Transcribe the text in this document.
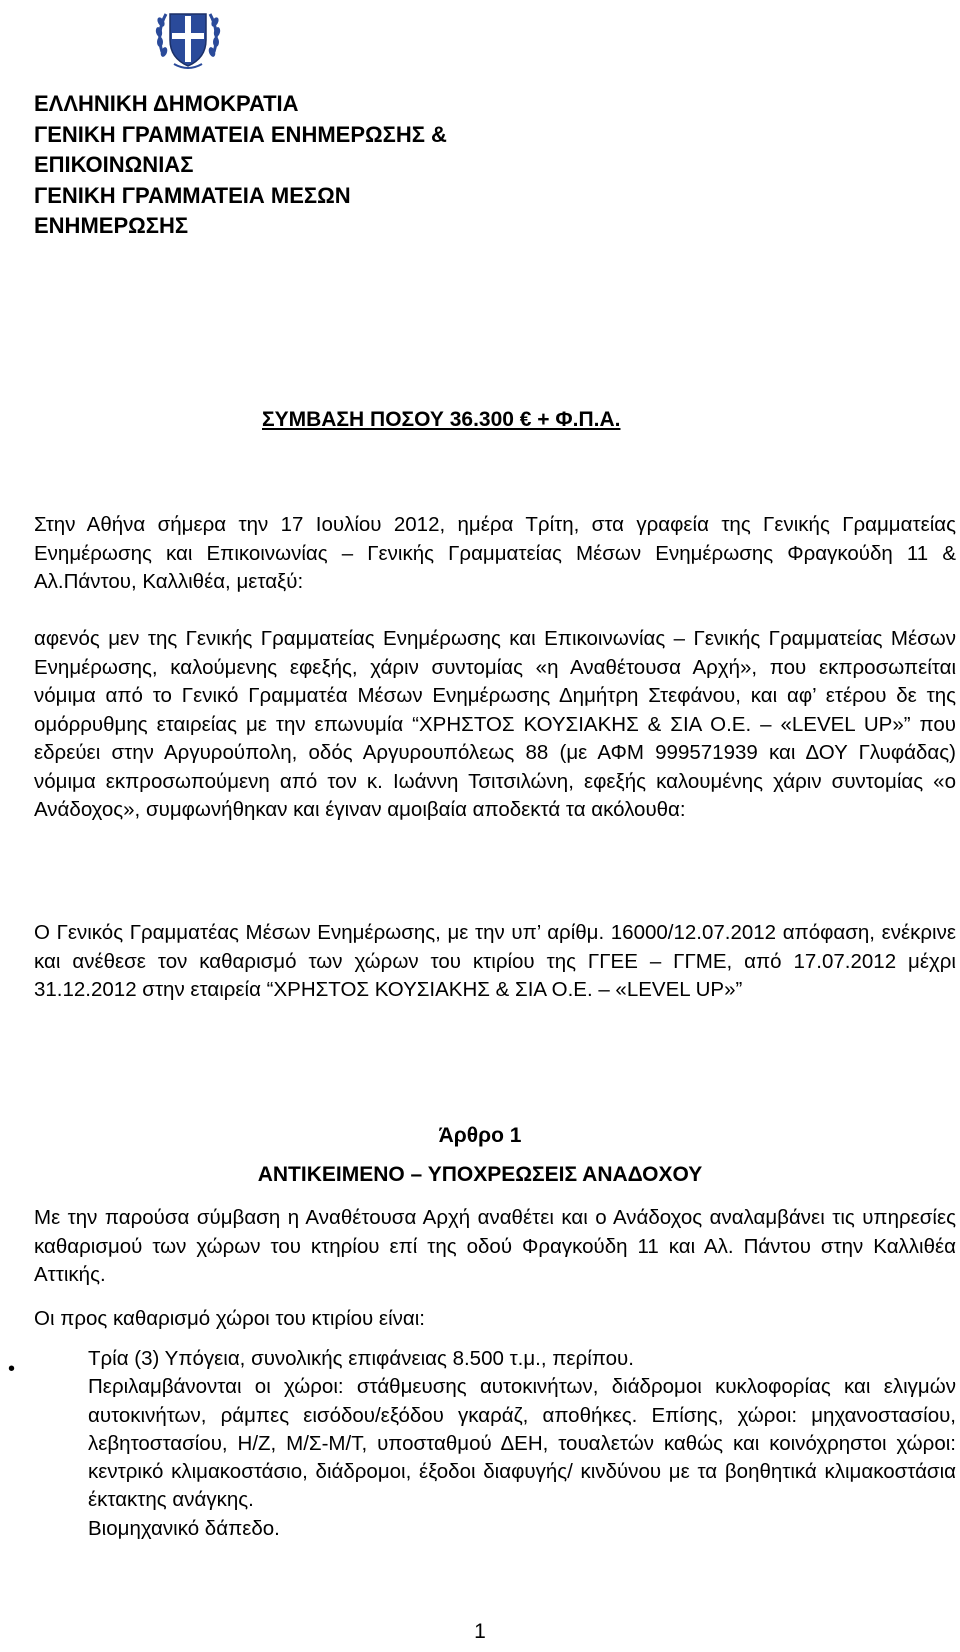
ΕΛΛΗΝΙΚΗ ΔΗΜΟΚΡΑΤΙΑ
ΓΕΝΙΚΗ ΓΡΑΜΜΑΤΕΙΑ ΕΝΗΜΕΡΩΣΗΣ &
ΕΠΙΚΟΙΝΩΝΙΑΣ
ΓΕΝΙΚΗ ΓΡΑΜΜΑΤΕΙΑ ΜΕΣΩΝ
ΕΝΗΜΕΡΩΣΗΣ
ΣΥΜΒΑΣΗ ΠΟΣΟΥ 36.300 € + Φ.Π.Α.
Στην Αθήνα σήμερα την 17 Ιουλίου 2012, ημέρα Τρίτη, στα γραφεία της Γενικής Γραμματείας Ενημέρωσης και Επικοινωνίας – Γενικής Γραμματείας Μέσων Ενημέρωσης Φραγκούδη 11 & Αλ.Πάντου, Καλλιθέα, μεταξύ:
αφενός μεν της Γενικής Γραμματείας Ενημέρωσης και Επικοινωνίας – Γενικής Γραμματείας Μέσων Ενημέρωσης, καλούμενης εφεξής, χάριν συντομίας «η Αναθέτουσα Αρχή», που εκπροσωπείται νόμιμα από το Γενικό Γραμματέα Μέσων Ενημέρωσης Δημήτρη Στεφάνου, και αφ’ ετέρου δε της ομόρρυθμης εταιρείας με την επωνυμία “ΧΡΗΣΤΟΣ ΚΟΥΣΙΑΚΗΣ & ΣΙΑ Ο.Ε. – «LEVEL UP»” που εδρεύει στην Αργυρούπολη, οδός Αργυρουπόλεως 88 (με ΑΦΜ 999571939 και ΔΟΥ Γλυφάδας) νόμιμα εκπροσωπούμενη από τον κ. Ιωάννη Τσιτσιλώνη, εφεξής καλουμένης χάριν συντομίας «ο Ανάδοχος», συμφωνήθηκαν και έγιναν αμοιβαία αποδεκτά τα ακόλουθα:
Ο Γενικός Γραμματέας Μέσων Ενημέρωσης, με την υπ’ αρίθμ. 16000/12.07.2012 απόφαση, ενέκρινε και ανέθεσε τον καθαρισμό των χώρων του κτιρίου της ΓΓΕΕ – ΓΓΜΕ, από 17.07.2012 μέχρι 31.12.2012 στην εταιρεία “ΧΡΗΣΤΟΣ ΚΟΥΣΙΑΚΗΣ & ΣΙΑ Ο.Ε. – «LEVEL UP»”
Άρθρο 1
ΑΝΤΙΚΕΙΜΕΝΟ – ΥΠΟΧΡΕΩΣΕΙΣ ΑΝΑΔΟΧΟΥ
Με την παρούσα σύμβαση η Αναθέτουσα Αρχή αναθέτει και ο Ανάδοχος αναλαμβάνει τις υπηρεσίες καθαρισμού των χώρων του κτηρίου επί της οδού Φραγκούδη 11 και Αλ. Πάντου στην Καλλιθέα Αττικής.
Οι προς καθαρισμό χώροι του κτιρίου είναι:
•	Τρία (3) Υπόγεια, συνολικής επιφάνειας 8.500 τ.μ., περίπου.
Περιλαμβάνονται οι χώροι: στάθμευσης αυτοκινήτων, διάδρομοι κυκλοφορίας και ελιγμών αυτοκινήτων, ράμπες εισόδου/εξόδου γκαράζ, αποθήκες. Επίσης, χώροι: μηχανοστασίου, λεβητοστασίου, Η/Ζ, Μ/Σ-Μ/Τ, υποσταθμού ΔΕΗ, τουαλετών καθώς και κοινόχρηστοι χώροι: κεντρικό κλιμακοστάσιο, διάδρομοι, έξοδοι διαφυγής/ κινδύνου με τα βοηθητικά κλιμακοστάσια έκτακτης ανάγκης.
Βιομηχανικό δάπεδο.
1
